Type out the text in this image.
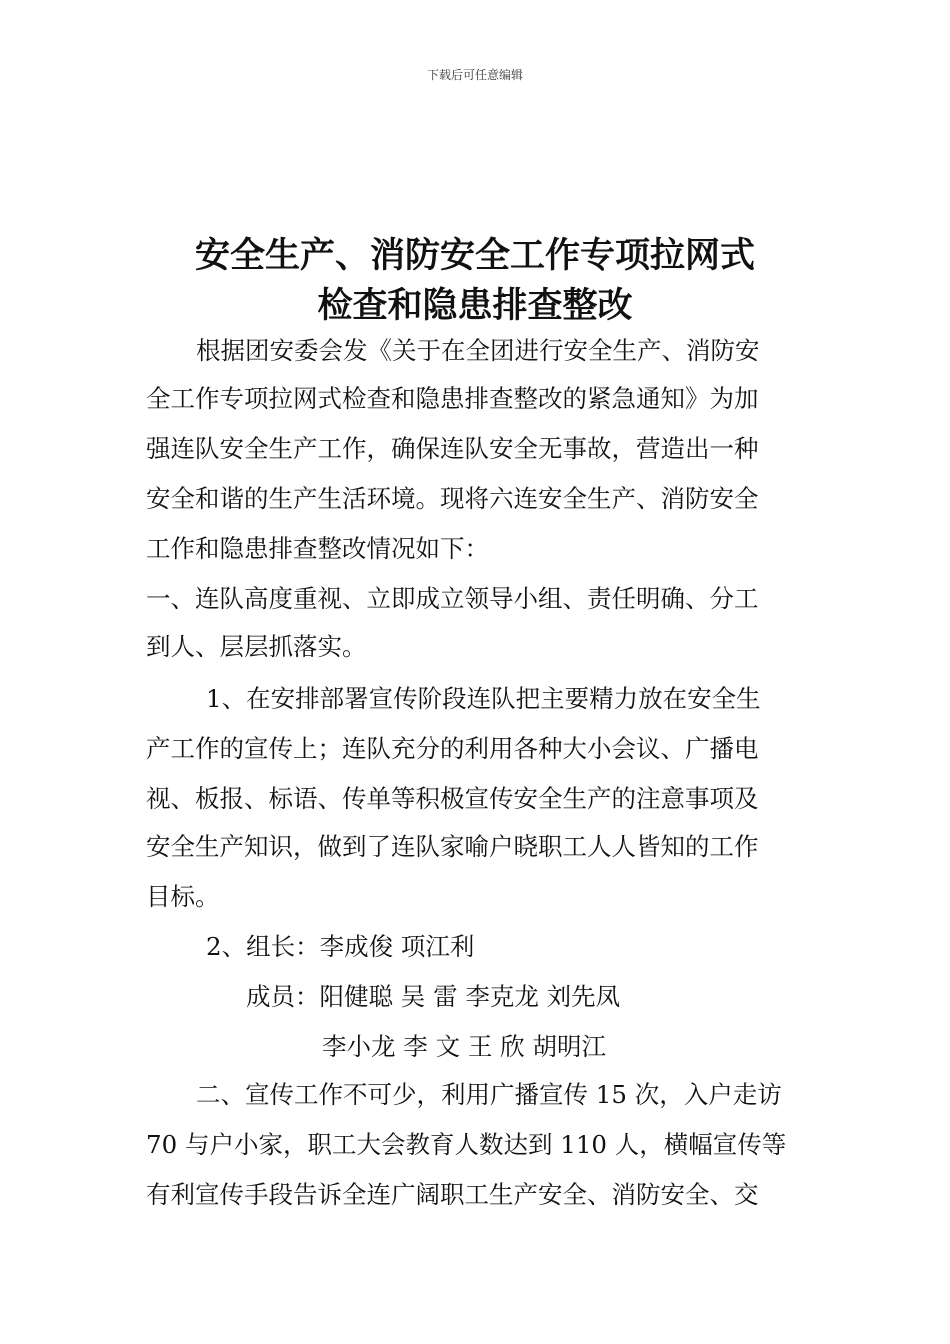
下载后可任意编辑
安全生产、消防安全工作专项拉网式
检查和隐患排查整改
根据团安委会发《关于在全团进行安全生产、消防安
全工作专项拉网式检查和隐患排查整改的紧急通知》为加
强连队安全生产工作，确保连队安全无事故，营造出一种
安全和谐的生产生活环境。现将六连安全生产、消防安全
工作和隐患排查整改情况如下：
一、连队高度重视、立即成立领导小组、责任明确、分工
到人、层层抓落实。
1、在安排部署宣传阶段连队把主要精力放在安全生
产工作的宣传上；连队充分的利用各种大小会议、广播电
视、板报、标语、传单等积极宣传安全生产的注意事项及
安全生产知识，做到了连队家喻户晓职工人人皆知的工作
目标。
2、组长：李成俊 项江利
成员：阳健聪 吴 雷 李克龙 刘先凤
李小龙 李 文 王 欣 胡明江
二、宣传工作不可少，利用广播宣传 15 次，入户走访
70 与户小家，职工大会教育人数达到 110 人，横幅宣传等
有利宣传手段告诉全连广阔职工生产安全、消防安全、交
